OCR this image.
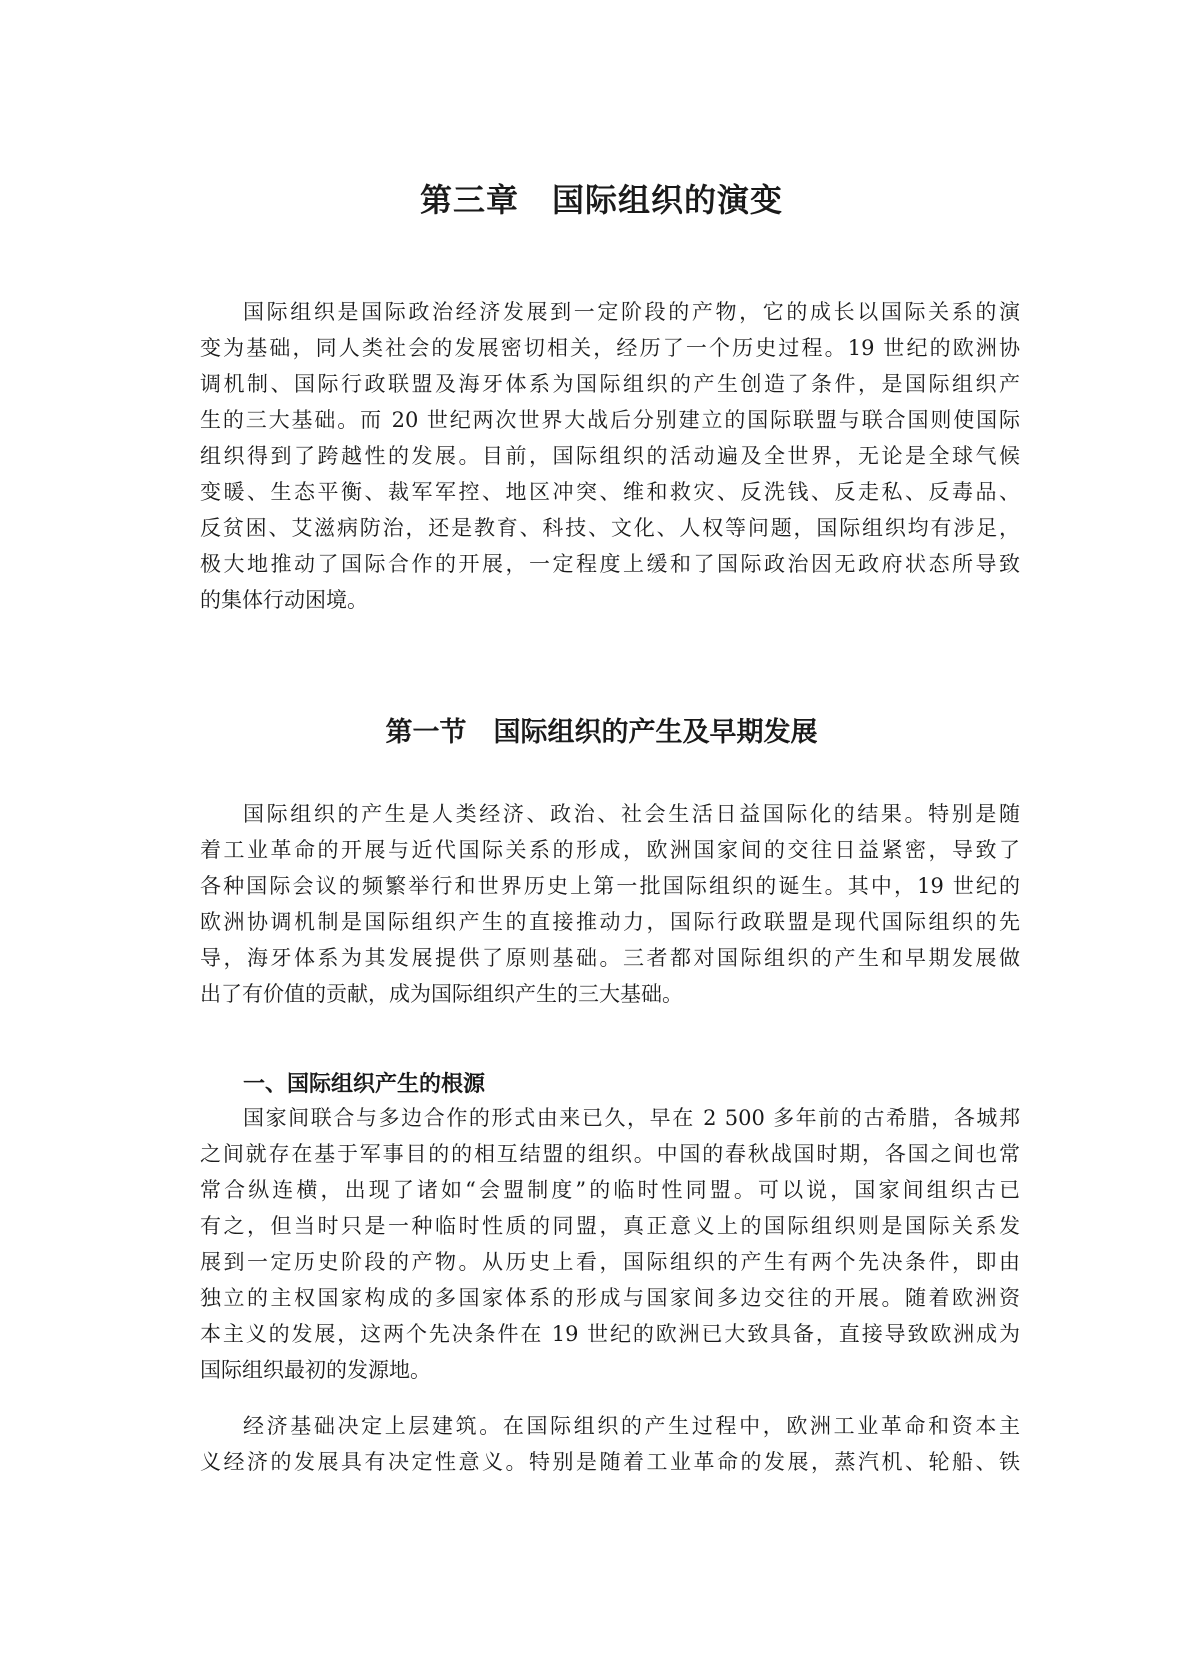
第三章　国际组织的演变
国际组织是国际政治经济发展到一定阶段的产物，它的成长以国际关系的演
变为基础，同人类社会的发展密切相关，经历了一个历史过程。19 世纪的欧洲协
调机制、国际行政联盟及海牙体系为国际组织的产生创造了条件，是国际组织产
生的三大基础。而 20 世纪两次世界大战后分别建立的国际联盟与联合国则使国际
组织得到了跨越性的发展。目前，国际组织的活动遍及全世界，无论是全球气候
变暖、生态平衡、裁军军控、地区冲突、维和救灾、反洗钱、反走私、反毒品、
反贫困、艾滋病防治，还是教育、科技、文化、人权等问题，国际组织均有涉足，
极大地推动了国际合作的开展，一定程度上缓和了国际政治因无政府状态所导致
的集体行动困境。
第一节　国际组织的产生及早期发展
国际组织的产生是人类经济、政治、社会生活日益国际化的结果。特别是随
着工业革命的开展与近代国际关系的形成，欧洲国家间的交往日益紧密，导致了
各种国际会议的频繁举行和世界历史上第一批国际组织的诞生。其中，19 世纪的
欧洲协调机制是国际组织产生的直接推动力，国际行政联盟是现代国际组织的先
导，海牙体系为其发展提供了原则基础。三者都对国际组织的产生和早期发展做
出了有价值的贡献，成为国际组织产生的三大基础。
一、国际组织产生的根源
国家间联合与多边合作的形式由来已久，早在 2 500 多年前的古希腊，各城邦
之间就存在基于军事目的的相互结盟的组织。中国的春秋战国时期，各国之间也常
常合纵连横，出现了诸如“会盟制度”的临时性同盟。可以说，国家间组织古已
有之，但当时只是一种临时性质的同盟，真正意义上的国际组织则是国际关系发
展到一定历史阶段的产物。从历史上看，国际组织的产生有两个先决条件，即由
独立的主权国家构成的多国家体系的形成与国家间多边交往的开展。随着欧洲资
本主义的发展，这两个先决条件在 19 世纪的欧洲已大致具备，直接导致欧洲成为
国际组织最初的发源地。
经济基础决定上层建筑。在国际组织的产生过程中，欧洲工业革命和资本主
义经济的发展具有决定性意义。特别是随着工业革命的发展，蒸汽机、轮船、铁
